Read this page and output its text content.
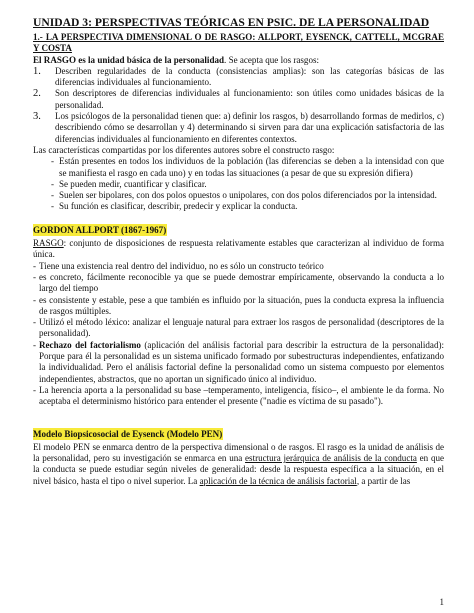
UNIDAD 3: PERSPECTIVAS TEÓRICAS EN PSIC. DE LA PERSONALIDAD

1.- LA PERSPECTIVA DIMENSIONAL O DE RASGO: ALLPORT, EYSENCK, CATTELL, MCGRAE Y COSTA

El RASGO es la unidad básica de la personalidad. Se acepta que los rasgos:

1.	Describen regularidades de la conducta (consistencias amplias): son las categorías básicas de las diferencias individuales al funcionamiento.

2.	Son descriptores de diferencias individuales al funcionamiento: son útiles como unidades básicas de la personalidad.

3.	Los psicólogos de la personalidad tienen que: a) definir los rasgos, b) desarrollando formas de medirlos, c) describiendo cómo se desarrollan y 4) determinando si sirven para dar una explicación satisfactoria de las diferencias individuales al funcionamiento en diferentes contextos.

Las características compartidas por los diferentes autores sobre el constructo rasgo:

- Están presentes en todos los individuos de la población (las diferencias se deben a la intensidad con que se manifiesta el rasgo en cada uno) y en todas las situaciones (a pesar de que su expresión difiera)

- Se pueden medir, cuantificar y clasificar.

- Suelen ser bipolares, con dos polos opuestos o unipolares, con dos polos diferenciados por la intensidad.

- Su función es clasificar, describir, predecir y explicar la conducta.

GORDON ALLPORT (1867-1967)

RASGO: conjunto de disposiciones de respuesta relativamente estables que caracterizan al individuo de forma única.

- Tiene una existencia real dentro del individuo, no es sólo un constructo teórico

- es concreto, fácilmente reconocible ya que se puede demostrar empíricamente, observando la conducta a lo largo del tiempo

- es consistente y estable, pese a que también es influido por la situación, pues la conducta expresa la influencia de rasgos múltiples.

- Utilizó el método léxico: analizar el lenguaje natural para extraer los rasgos de personalidad (descriptores de la personalidad).

- Rechazo del factorialismo (aplicación del análisis factorial para describir la estructura de la personalidad): Porque para él la personalidad es un sistema unificado formado por subestructuras independientes, enfatizando la individualidad. Pero el análisis factorial define la personalidad como un sistema compuesto por elementos independientes, abstractos, que no aportan un significado único al individuo.

- La herencia aporta a la personalidad su base –temperamento, inteligencia, físico–, el ambiente le da forma. No aceptaba el determinismo histórico para entender el presente ("nadie es víctima de su pasado").

Modelo Biopsicosocial de Eysenck (Modelo PEN)

El modelo PEN se enmarca dentro de la perspectiva dimensional o de rasgos. El rasgo es la unidad de análisis de la personalidad, pero su investigación se enmarca en una estructura jerárquica de análisis de la conducta en que la conducta se puede estudiar según niveles de generalidad: desde la respuesta específica a la situación, en el nivel básico, hasta el tipo o nivel superior. La aplicación de la técnica de análisis factorial, a partir de las

1
